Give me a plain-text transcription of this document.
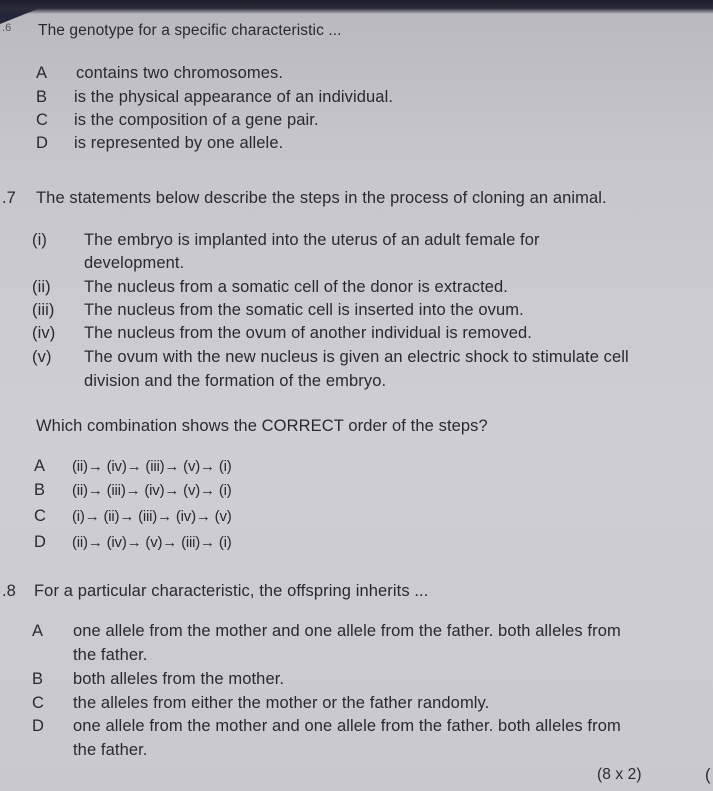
.6 The genotype for a specific characteristic ...
A contains two chromosomes.
B is the physical appearance of an individual.
C is the composition of a gene pair.
D is represented by one allele.
.7 The statements below describe the steps in the process of cloning an animal.
(i) The embryo is implanted into the uterus of an adult female for
development.
(ii) The nucleus from a somatic cell of the donor is extracted.
(iii) The nucleus from the somatic cell is inserted into the ovum.
(iv) The nucleus from the ovum of another individual is removed.
(v) The ovum with the new nucleus is given an electric shock to stimulate cell
division and the formation of the embryo.
Which combination shows the CORRECT order of the steps?
A (ii)→ (iv)→ (iii)→ (v)→ (i)
B (ii)→ (iii)→ (iv)→ (v)→ (i)
C (i)→ (ii)→ (iii)→ (iv)→ (v)
D (ii)→ (iv)→ (v)→ (iii)→ (i)
.8 For a particular characteristic, the offspring inherits ...
A one allele from the mother and one allele from the father. both alleles from
the father.
B both alleles from the mother.
C the alleles from either the mother or the father randomly.
D one allele from the mother and one allele from the father. both alleles from
the father.
(8 x 2)	(
